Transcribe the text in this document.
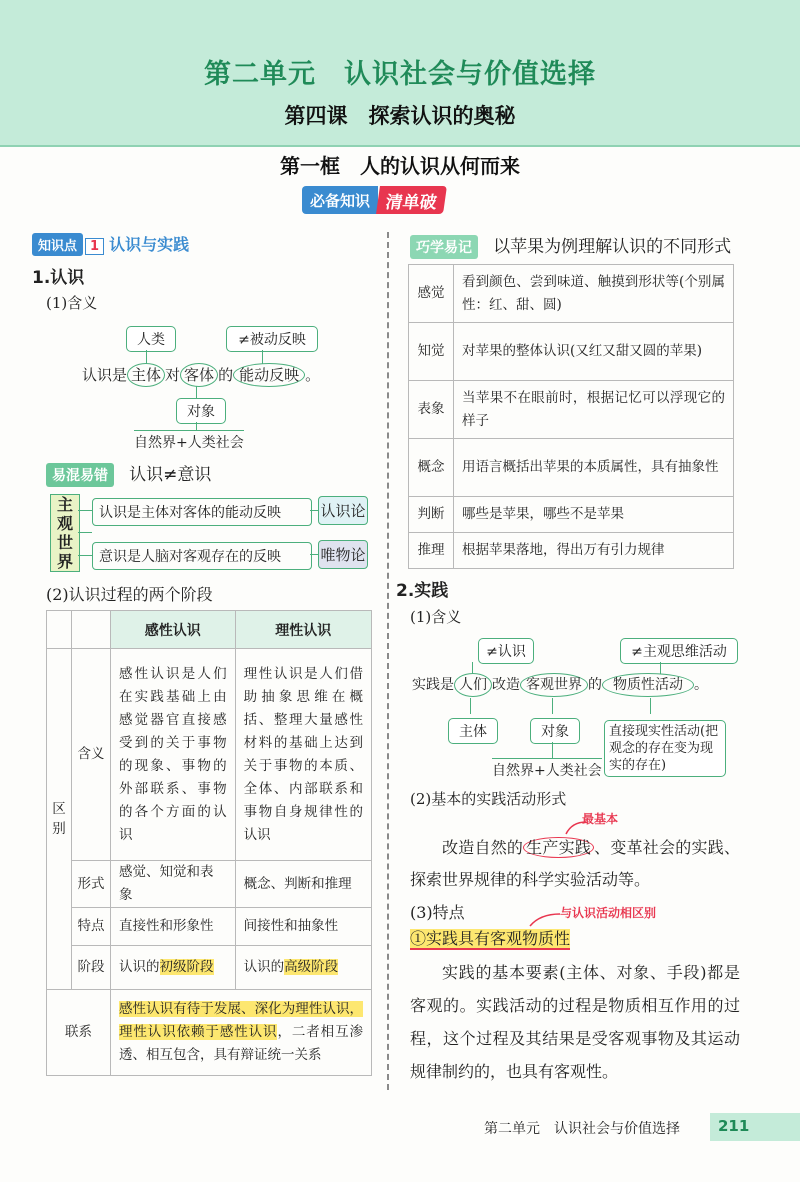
第二单元　认识社会与价值选择
第四课　探索认识的奥秘
第一框　人的认识从何而来
必备知识 清单破
知识点 1 认识与实践
1.认识
(1)含义
人类	≠被动反映
认识是 主体 对 客体 的 能动反映 。
对象
自然界+人类社会
易混易错 认识≠意识
主观世界
认识是主体对客体的能动反映
意识是人脑对客观存在的反映
认识论
唯物论
(2)认识过程的两个阶段
		感性认识	理性认识
区别	含义	感性认识是人们在实践基础上由感觉器官直接感受到的关于事物的现象、事物的外部联系、事物的各个方面的认识	理性认识是人们借助抽象思维在概括、整理大量感性材料的基础上达到关于事物的本质、全体、内部联系和事物自身规律性的认识
	形式	感觉、知觉和表象	概念、判断和推理
	特点	直接性和形象性	间接性和抽象性
	阶段	认识的初级阶段	认识的高级阶段
联系		感性认识有待于发展、深化为理性认识，理性认识依赖于感性认识，二者相互渗透、相互包含，具有辩证统一关系	
巧学易记 以苹果为例理解认识的不同形式
感觉	看到颜色、尝到味道、触摸到形状等(个别属性：红、甜、圆)
知觉	对苹果的整体认识(又红又甜又圆的苹果)
表象	当苹果不在眼前时，根据记忆可以浮现它的样子
概念	用语言概括出苹果的本质属性，具有抽象性
判断	哪些是苹果，哪些不是苹果
推理	根据苹果落地，得出万有引力规律
2.实践
(1)含义
≠认识	≠主观思维活动
实践是 人们 改造 客观世界 的 物质性活动 。
主体	对象	直接现实性活动(把观念的存在变为现实的存在)
自然界+人类社会
(2)基本的实践活动形式
最基本
改造自然的 生产实践 、变革社会的实践、探索世界规律的科学实验活动等。
(3)特点	与认识活动相区别
①实践具有客观物质性
实践的基本要素(主体、对象、手段)都是客观的。实践活动的过程是物质相互作用的过程，这个过程及其结果是受客观事物及其运动规律制约的，也具有客观性。
第二单元　认识社会与价值选择	211
